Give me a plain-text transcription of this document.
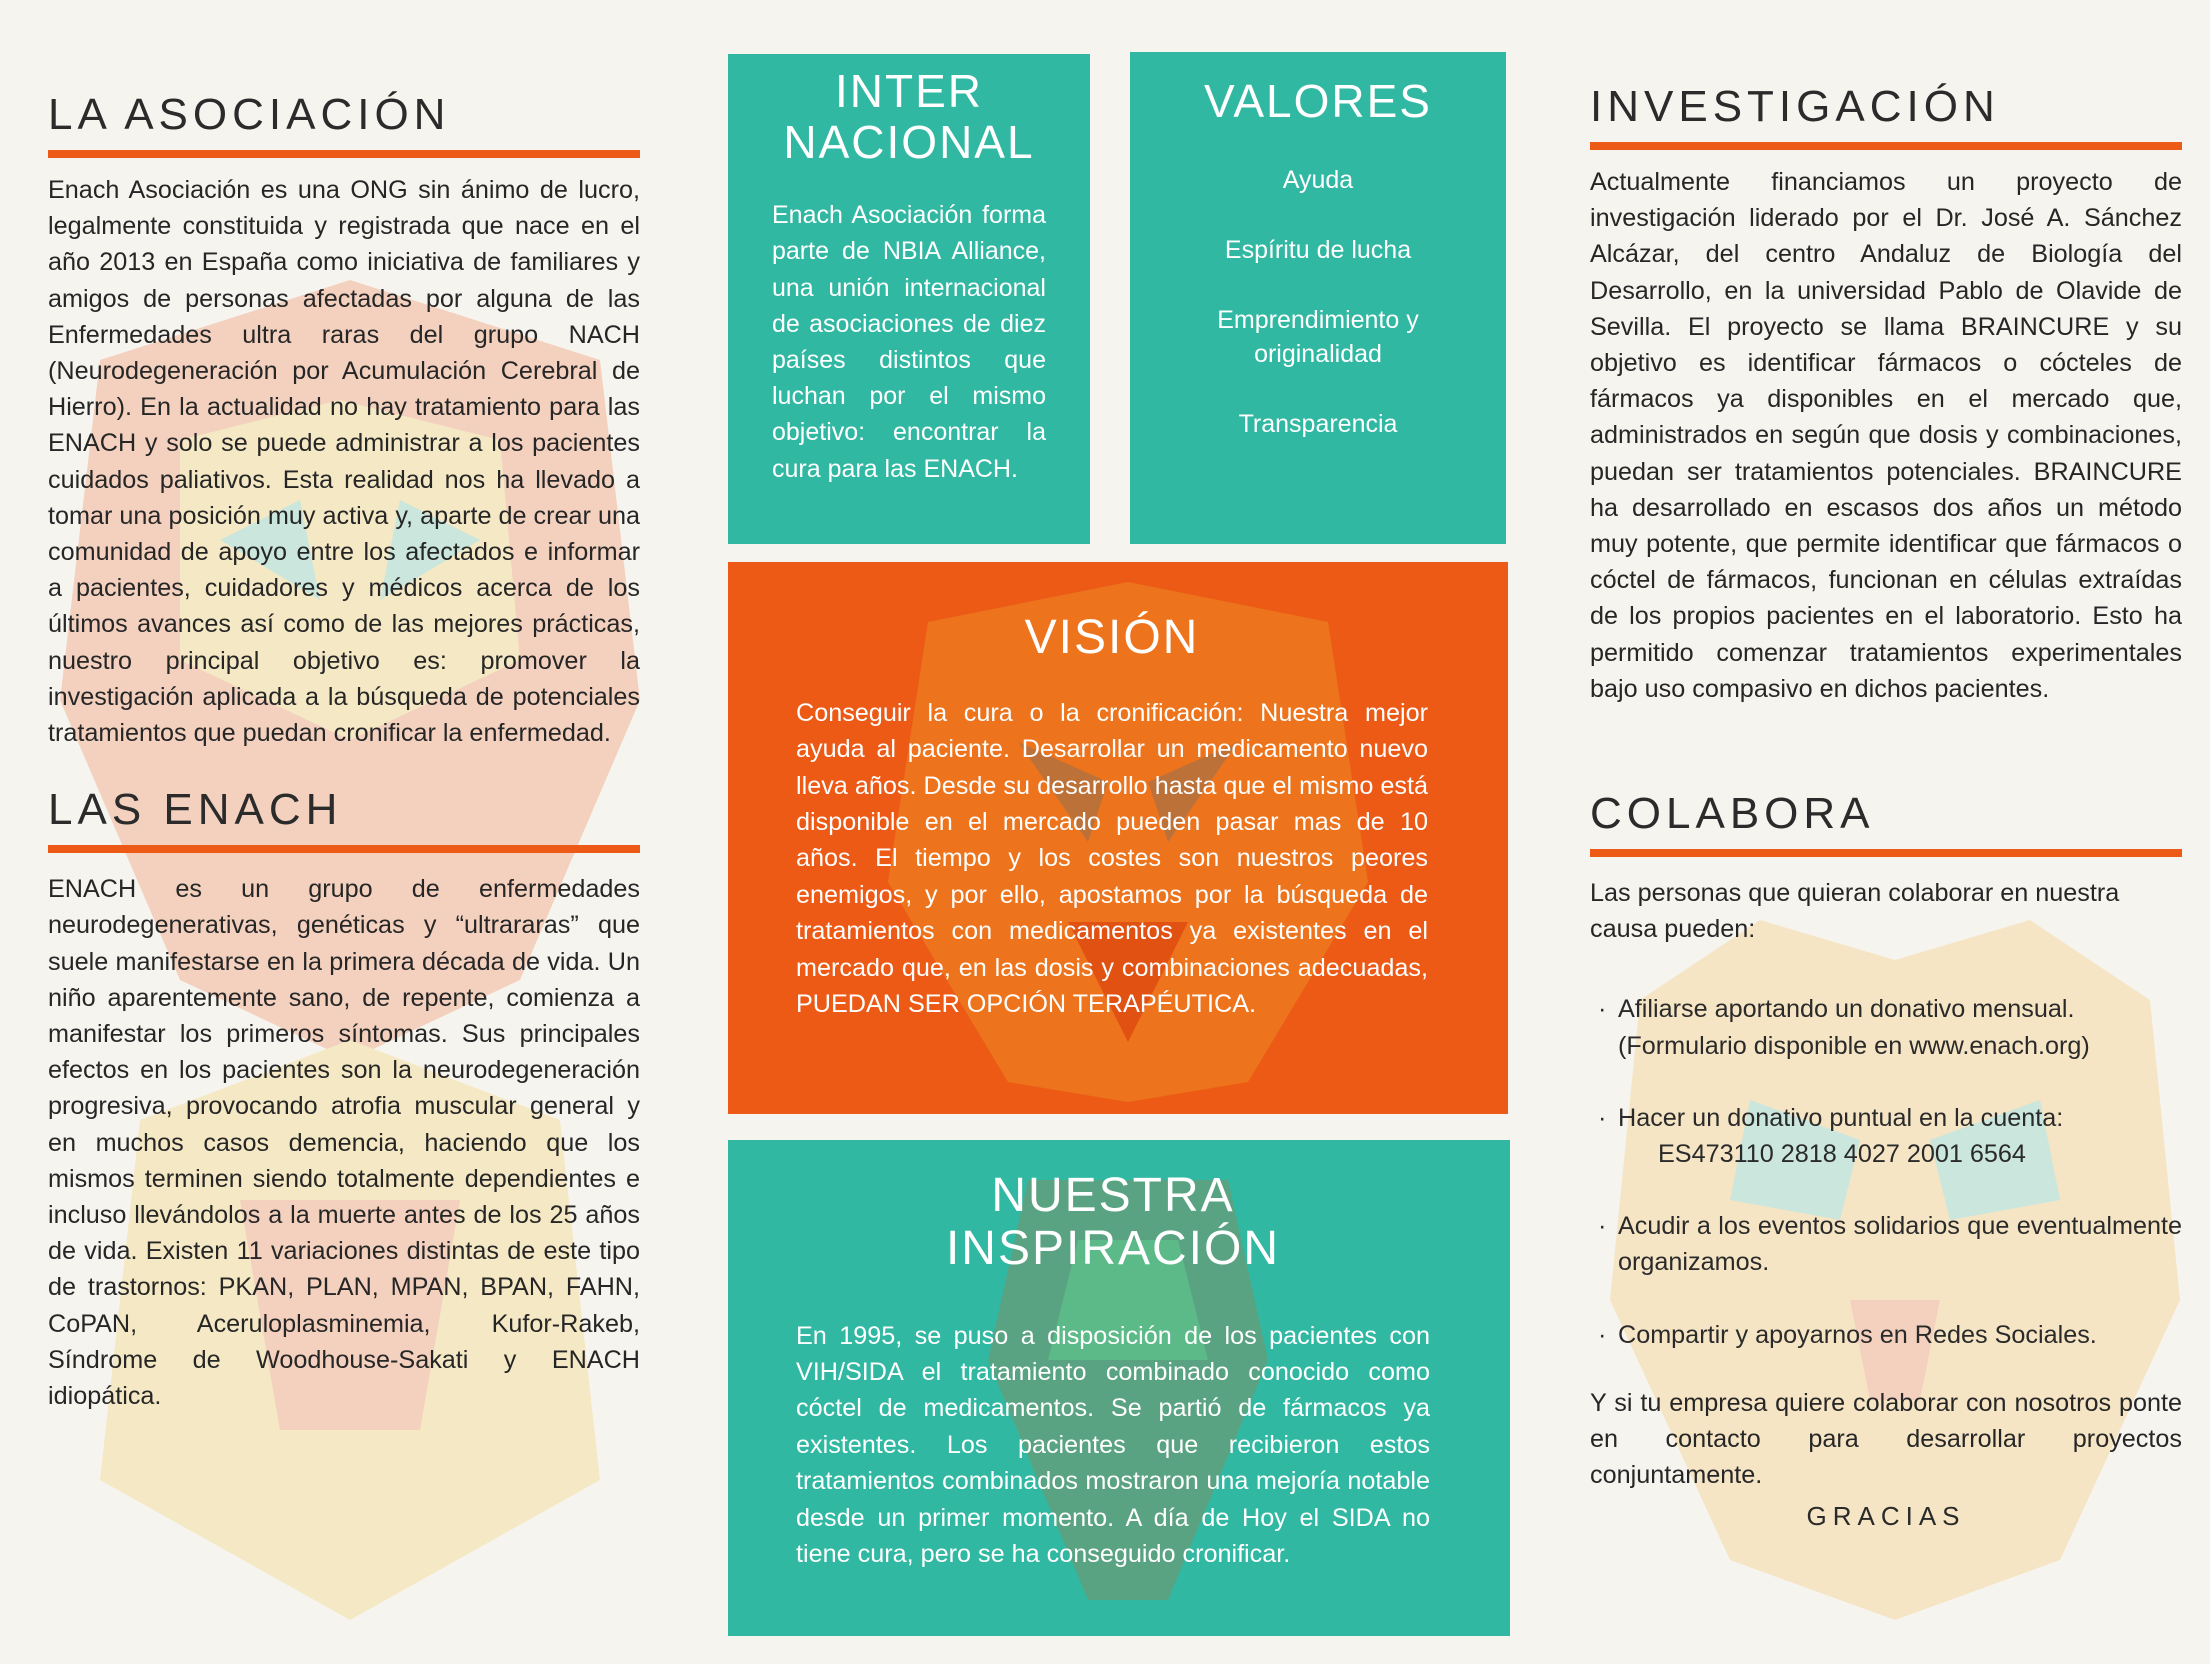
LA ASOCIACIÓN

Enach Asociación es una ONG sin ánimo de lucro, legalmente constituida y registrada que nace en el año 2013 en España como iniciativa de familiares y amigos de personas afectadas por alguna de las Enfermedades ultra raras del grupo NACH (Neurodegeneración por Acumulación Cerebral de Hierro). En la actualidad no hay tratamiento para las ENACH y solo se puede administrar a los pacientes cuidados paliativos. Esta realidad nos ha llevado a tomar una posición muy activa y, aparte de crear una comunidad de apoyo entre los afectados e informar a pacientes, cuidadores y médicos acerca de los últimos avances así como de las mejores prácticas, nuestro principal objetivo es: promover la investigación aplicada a la búsqueda de potenciales tratamientos que puedan cronificar la enfermedad.

LAS ENACH

ENACH es un grupo de enfermedades neurodegenerativas, genéticas y “ultrararas” que suele manifestarse en la primera década de vida. Un niño aparentemente sano, de repente, comienza a manifestar los primeros síntomas. Sus principales efectos en los pacientes son la neurodegeneración progresiva, provocando atrofia muscular general y en muchos casos demencia, haciendo que los mismos terminen siendo totalmente dependientes e incluso llevándolos a la muerte antes de los 25 años de vida. Existen 11 variaciones distintas de este tipo de trastornos: PKAN, PLAN, MPAN, BPAN, FAHN, CoPAN, Aceruloplasminemia, Kufor-Rakeb, Síndrome de Woodhouse-Sakati y ENACH idiopática.

INTER
NACIONAL

Enach Asociación forma parte de NBIA Alliance, una unión internacional de asociaciones de diez países distintos que luchan por el mismo objetivo: encontrar la cura para las ENACH.

VALORES
Ayuda
Espíritu de lucha
Emprendimiento y originalidad
Transparencia
VISIÓN

Conseguir la cura o la cronificación: Nuestra mejor ayuda al paciente. Desarrollar un medicamento nuevo lleva años. Desde su desarrollo hasta que el mismo está disponible en el mercado pueden pasar mas de 10 años. El tiempo y los costes son nuestros peores enemigos, y por ello, apostamos por la búsqueda de tratamientos con medicamentos ya existentes en el mercado que, en las dosis y combinaciones adecuadas, PUEDAN SER OPCIÓN TERAPÉUTICA.

NUESTRA
INSPIRACIÓN

En 1995, se puso a disposición de los pacientes con VIH/SIDA el tratamiento combinado conocido como cóctel de medicamentos. Se partió de fármacos ya existentes. Los pacientes que recibieron estos tratamientos combinados mostraron una mejoría notable desde un primer momento. A día de Hoy el SIDA no tiene cura, pero se ha conseguido cronificar.

INVESTIGACIÓN

Actualmente financiamos un proyecto de investigación liderado por el Dr. José A. Sánchez Alcázar, del centro Andaluz de Biología del Desarrollo, en la universidad Pablo de Olavide de Sevilla. El proyecto se llama BRAINCURE y su objetivo es identificar fármacos o cócteles de fármacos ya disponibles en el mercado que, administrados en según que dosis y combinaciones, puedan ser tratamientos potenciales. BRAINCURE ha desarrollado en escasos dos años un método muy potente, que permite identificar que fármacos o cóctel de fármacos, funcionan en células extraídas de los propios pacientes en el laboratorio. Esto ha permitido comenzar tratamientos experimentales bajo uso compasivo en dichos pacientes.

COLABORA

Las personas que quieran colaborar en nuestra causa pueden:

· Afiliarse aportando un donativo mensual.
(Formulario disponible en www.enach.org)
· Hacer un donativo puntual en la cuenta:
ES473110 2818 4027 2001 6564
· Acudir a los eventos solidarios que eventualmente organizamos.
· Compartir y apoyarnos en Redes Sociales.

Y si tu empresa quiere colaborar con nosotros ponte en contacto para desarrollar proyectos conjuntamente.

GRACIAS
